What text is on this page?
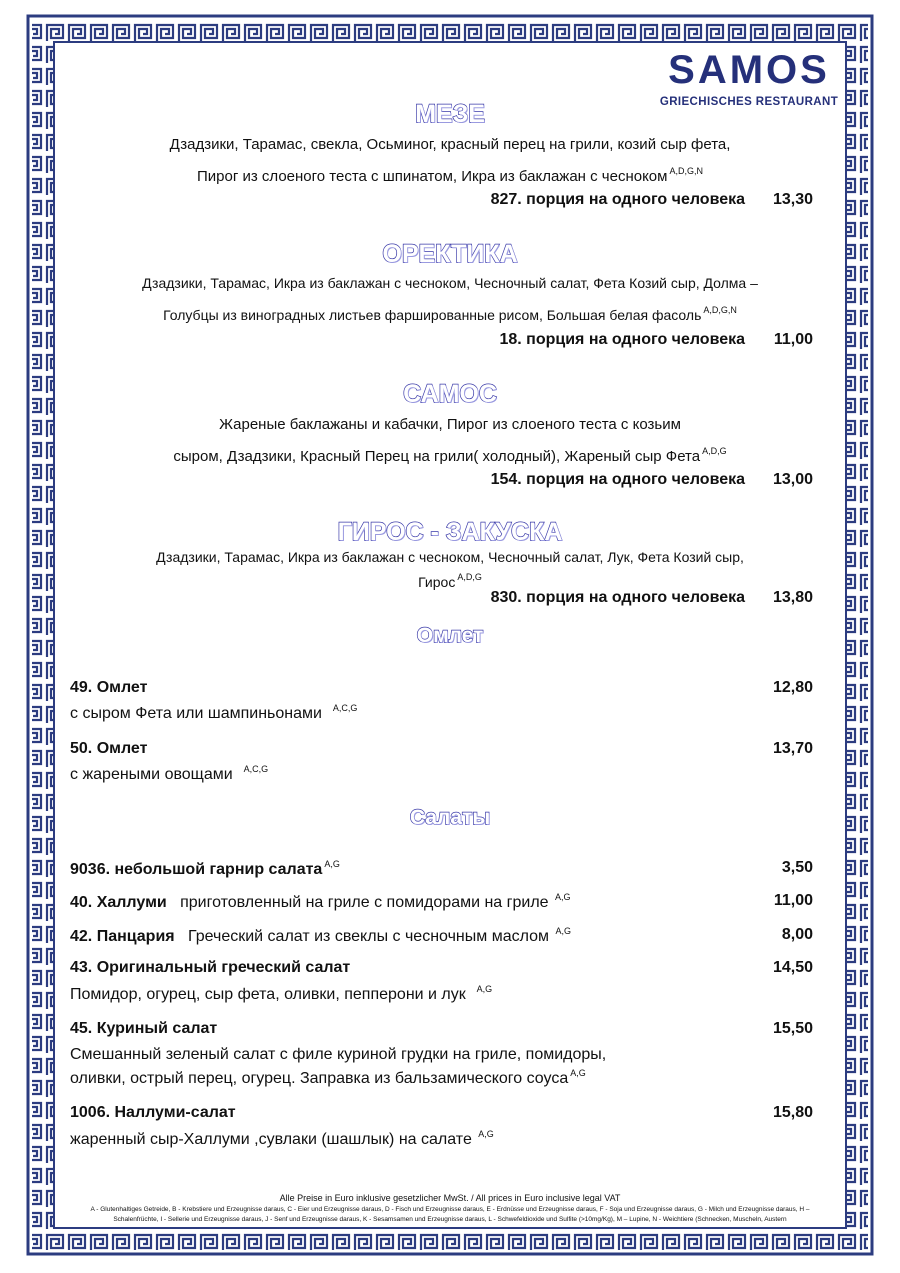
SAMOS
GRIECHISCHES RESTAURANT
МЕЗЕ
Дзадзики, Тарамас, свекла, Осьминог, красный перец на грили, козий сыр фета,
Пирог из слоеного теста с шпинатом, Икра из баклажан с чесноком $^{A,D,G,N}$
827. порция на одного человека	13,30
ОРЕКТИКА
Дзадзики, Тарамас, Икра из баклажан с чесноком, Чесночный салат, Фета Козий сыр, Долма –
Голубцы из виноградных листьев фаршированные рисом, Большая белая фасоль $^{A,D,G,N}$
18. порция на одного человека	11,00
САМОС
Жареные баклажаны и кабачки, Пирог из слоеного теста с козьим
сыром, Дзадзики, Красный Перец на грили( холодный), Жареный сыр Фета $^{A,D,G}$
154. порция на одного человека	13,00
ГИРОС - ЗАКУСКА
Дзадзики, Тарамас, Икра из баклажан с чесноком, Чесночный салат, Лук, Фета Козий сыр,
Гирос $^{A,D,G}$
830. порция на одного человека	13,80
Омлет
49. Омлет	12,80
с сыром Фета или шампиньонами $^{A,C,G}$
50. Омлет	13,70
с жареными овощами $^{A,C,G}$
Салаты
9036. небольшой гарнир салата $^{A,G}$	3,50
40. Халлуми приготовленный на гриле с помидорами на гриле $^{A,G}$	11,00
42. Панцария Греческий салат из свеклы с чесночным маслом $^{A,G}$	8,00
43. Оригинальный греческий салат	14,50
Помидор, огурец, сыр фета, оливки, пепперони и лук $^{A,G}$
45. Куриный салат	15,50
Смешанный зеленый салат с филе куриной грудки на гриле, помидоры,
оливки, острый перец, огурец. Заправка из бальзамического соуса $^{A,G}$
1006. Наллуми-салат	15,80
жаренный сыр-Халлуми ,сувлаки (шашлык) на салате $^{A,G}$
Alle Preise in Euro inklusive gesetzlicher MwSt. / All prices in Euro inclusive legal VAT
A - Glutenhaltiges Getreide, B - Krebstiere und Erzeugnisse daraus, C - Eier und Erzeugnisse daraus, D - Fisch und Erzeugnisse daraus, E - Erdnüsse und Erzeugnisse daraus, F - Soja und Erzeugnisse daraus, G - Milch und Erzeugnisse daraus, H –
Schalenfrüchte, I - Sellerie und Erzeugnisse daraus, J - Senf und Erzeugnisse daraus, K - Sesamsamen und Erzeugnisse daraus, L - Schwefeldioxide und Sulfite (>10mg/Kg), M – Lupine, N - Weichtiere (Schnecken, Muscheln, Austern
